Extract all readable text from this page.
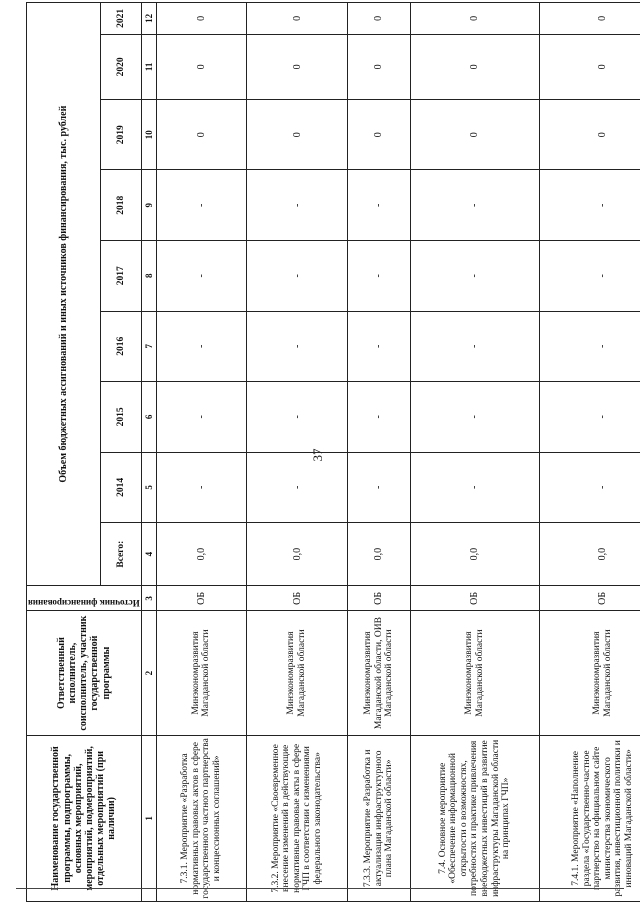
37
Наименование государственной программы, подпрограммы, основных мероприятий, мероприятий, подмероприятий, отдельных мероприятий (при наличии)	Ответственный исполнитель, соисполнитель, участник государственной программы	Источник финансирования	Объем бюджетных ассигнований и иных источников финансирования, тыс. рублей								
			Всего:	2014	2015	2016	2017	2018	2019	2020	2021
1	2	3	4	5	6	7	8	9	10	11	12
7.3.1. Мероприятие «Разработка нормативных правовых актов в сфере государственного частного партнерства и концессионных соглашений»	Минэкономразвития Магаданской области	ОБ	0,0	-	-	-	-	-	0	0	0
7.3.2. Мероприятие «Своевременное внесение изменений в действующие нормативные правовые акты в сфере ГЧП в соответствии с изменениями федерального законодательства»	Минэкономразвития Магаданской области	ОБ	0,0	-	-	-	-	-	0	0	0
7.3.3. Мероприятие «Разработка и актуализация инфраструктурного плана Магаданской области»	Минэкономразвития Магаданской области, ОИВ Магаданской области	ОБ	0,0	-	-	-	-	-	0	0	0
7.4. Основное мероприятие «Обеспечение информационной открытости о возможностях, потребностях и практике привлечения внебюджетных инвестиций в развитие инфраструктуры Магаданской области на принципах ГЧП»	Минэкономразвития Магаданской области	ОБ	0,0	-	-	-	-	-	0	0	0
7.4.1. Мероприятие «Наполнение раздела «Государственно-частное партнерство на официальном сайте министерства экономического развития, инвестиционной политики и инноваций Магаданской области»	Минэкономразвития Магаданской области	ОБ	0,0	-	-	-	-	-	0	0	0
